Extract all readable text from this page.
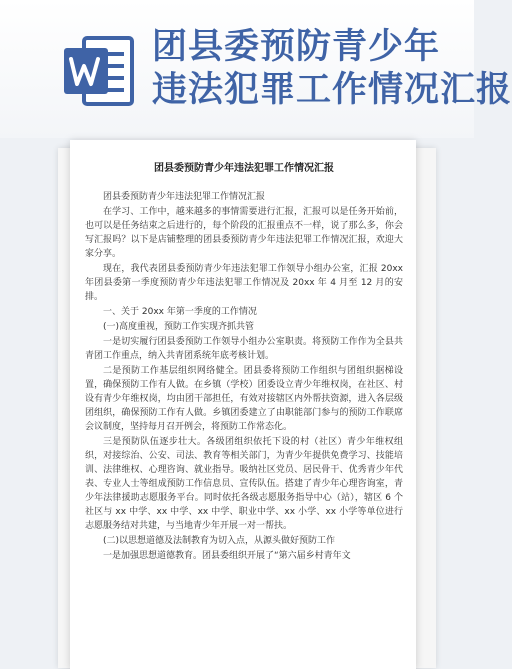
团县委预防青少年
违法犯罪工作情况汇报
团县委预防青少年违法犯罪工作情况汇报

团县委预防青少年违法犯罪工作情况汇报

在学习、工作中，越来越多的事情需要进行汇报，汇报可以是任务开始前，也可以是任务结束之后进行的，每个阶段的汇报重点不一样，说了那么多，你会写汇报吗？以下是店铺整理的团县委预防青少年违法犯罪工作情况汇报，欢迎大家分享。

现在，我代表团县委预防青少年违法犯罪工作领导小组办公室，汇报 20xx 年团县委第一季度预防青少年违法犯罪工作情况及 20xx 年 4 月至 12 月的安排。

一、关于 20xx 年第一季度的工作情况

(一)高度重视，预防工作实现齐抓共管

一是切实履行团县委预防工作领导小组办公室职责。将预防工作作为全县共青团工作重点，纳入共青团系统年底考核计划。

二是预防工作基层组织网络健全。团县委将预防工作组织与团组织据梯设置，确保预防工作有人做。在乡镇（学校）团委设立青少年维权岗，在社区、村设有青少年维权岗，均由团干部担任，有效对接辖区内外帮扶资源，进入各层级团组织，确保预防工作有人做。乡镇团委建立了由职能部门参与的预防工作联席会议制度，坚持每月召开例会，将预防工作常态化。

三是预防队伍逐步壮大。各级团组织依托下设的村（社区）青少年维权组织，对接综治、公安、司法、教育等相关部门，为青少年提供免费学习、技能培训、法律维权、心理咨询、就业指导。吸纳社区党员、居民骨干、优秀青少年代表、专业人士等组成预防工作信息员、宣传队伍。搭建了青少年心理咨询室，青少年法律援助志愿服务平台。同时依托各级志愿服务指导中心（站），辖区 6 个社区与 xx 中学、xx 中学、xx 中学、职业中学、xx 小学、xx 小学等单位进行志愿服务结对共建，与当地青少年开展一对一帮扶。

(二)以思想道德及法制教育为切入点，从源头做好预防工作

一是加强思想道德教育。团县委组织开展了“第六届乡村青年文
